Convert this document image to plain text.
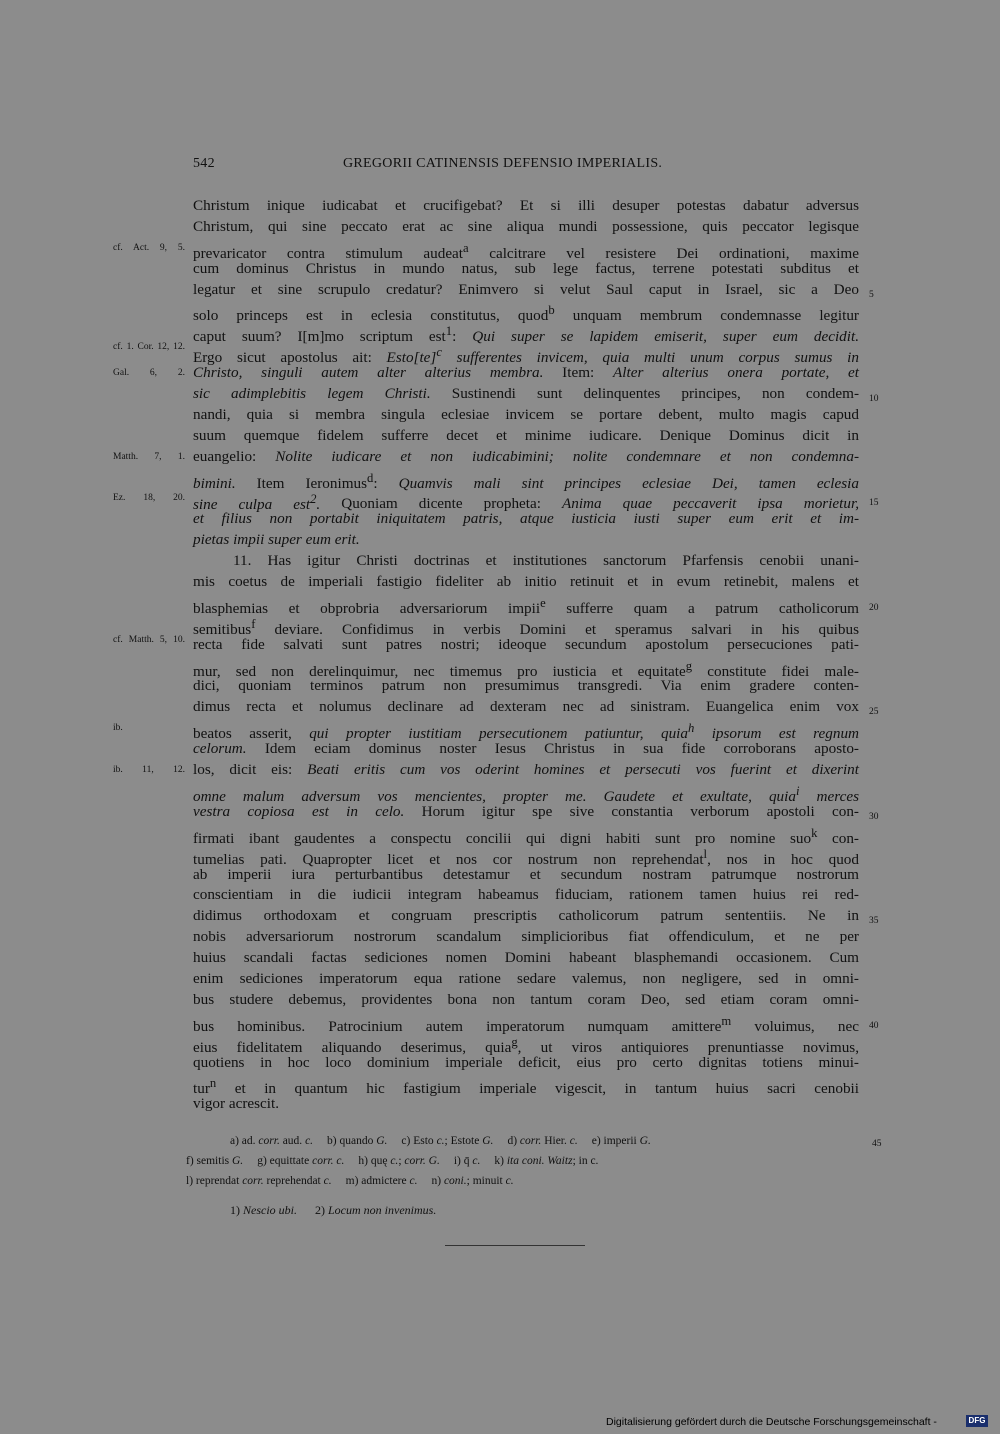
542	GREGORII CATINENSIS DEFENSIO IMPERIALIS.
Christum inique iudicabat et crucifigebat? Et si illi desuper potestas dabatur adversus
Christum, qui sine peccato erat ac sine aliqua mundi possessione, quis peccator legisque
prevaricator contra stimulum audeat$^a$ calcitrare vel resistere Dei ordinationi, maxime
cf. Act. 9, 5.
cum dominus Christus in mundo natus, sub lege factus, terrene potestati subditus et
legatur et sine scrupulo credatur? Enimvero si velut Saul caput in Israel, sic a Deo 5
solo princeps est in eclesia constitutus, quod$^b$ unquam membrum condemnasse legitur
caput suum? I[m]mo scriptum est$^1$: Qui super se lapidem emiserit, super eum decidit.
Ergo sicut apostolus ait: Esto[te]$^c$ sufferentes invicem, quia multi unum corpus sumus in
cf. 1. Cor. 12, 12.
Christo, singuli autem alter alterius membra. Item: Alter alterius onera portate, et
Gal. 6, 2.
sic adimplebitis legem Christi. Sustinendi sunt delinquentes principes, non condem- 10
nandi, quia si membra singula eclesiae invicem se portare debent, multo magis capud
suum quemque fidelem sufferre decet et minime iudicare. Denique Dominus dicit in
euangelio: Nolite iudicare et non iudicabimini; nolite condemnare et non condemna-
Matth. 7, 1.
bimini. Item Ieronimus$^d$: Quamvis mali sint principes eclesiae Dei, tamen eclesia
sine culpa est$^2$. Quoniam dicente propheta: Anima quae peccaverit ipsa morietur,
Ez. 18, 20.	15
et filius non portabit iniquitatem patris, atque iusticia iusti super eum erit et im-
pietas impii super eum erit.
11. Has igitur Christi doctrinas et institutiones sanctorum Pfarfensis cenobii unani-
mis coetus de imperiali fastigio fideliter ab initio retinuit et in evum retinebit, malens et
blasphemias et obprobria adversariorum impii$^e$ sufferre quam a patrum catholicorum 20
semitibus$^f$ deviare. Confidimus in verbis Domini et speramus salvari in his quibus
recta fide salvati sunt patres nostri; ideoque secundum apostolum persecuciones pati-
cf. Matth. 5, 10.
mur, sed non derelinquimur, nec timemus pro iusticia et equitate$^g$ constitute fidei male-
dici, quoniam terminos patrum non presumimus transgredi. Via enim gradere conten-
dimus recta et nolumus declinare ad dexteram nec ad sinistram. Euangelica enim vox 25
beatos asserit, qui propter iustitiam persecutionem patiuntur, quia$^h$ ipsorum est regnum
ib.
celorum. Idem eciam dominus noster Iesus Christus in sua fide corroborans aposto-
los, dicit eis: Beati eritis cum vos oderint homines et persecuti vos fuerint et dixerint
ib. 11, 12.
omne malum adversum vos mencientes, propter me. Gaudete et exultate, quia$^i$ merces
vestra copiosa est in celo. Horum igitur spe sive constantia verborum apostoli con- 30
firmati ibant gaudentes a conspectu concilii qui digni habiti sunt pro nomine suo$^k$ con-
tumelias pati. Quapropter licet et nos cor nostrum non reprehendat$^l$, nos in hoc quod
ab imperii iura perturbantibus detestamur et secundum nostram patrumque nostrorum
conscientiam in die iudicii integram habeamus fiduciam, rationem tamen huius rei red-
didimus orthodoxam et congruam prescriptis catholicorum patrum sententiis. Ne in 35
nobis adversariorum nostrorum scandalum simplicioribus fiat offendiculum, et ne per
huius scandali factas sediciones nomen Domini habeant blasphemandi occasionem. Cum
enim sediciones imperatorum equa ratione sedare valemus, non negligere, sed in omni-
bus studere debemus, providentes bona non tantum coram Deo, sed etiam coram omni-
bus hominibus. Patrocinium autem imperatorum numquam amittere$^m$ voluimus, nec 40
eius fidelitatem aliquando deserimus, quia$^g$, ut viros antiquiores prenuntiasse novimus,
quotiens in hoc loco dominium imperiale deficit, eius pro certo dignitas totiens minui-
tur$^n$ et in quantum hic fastigium imperiale vigescit, in tantum huius sacri cenobii
vigor acrescit.
a) ad. corr. aud. c. b) quando G. c) Esto c.; Estote G. d) corr. Hier. c. e) imperii G.	45
f) semitis G. g) equittate corr. c. h) quę c.; corr. G. i) q̄ c. k) ita coni. Waitz; in c.
l) reprendat corr. reprehendat c. m) admictere c. n) coni.; minuit c.
1) Nescio ubi. 2) Locum non invenimus.
Digitalisierung gefördert durch die Deutsche Forschungsgemeinschaft -	DFG
